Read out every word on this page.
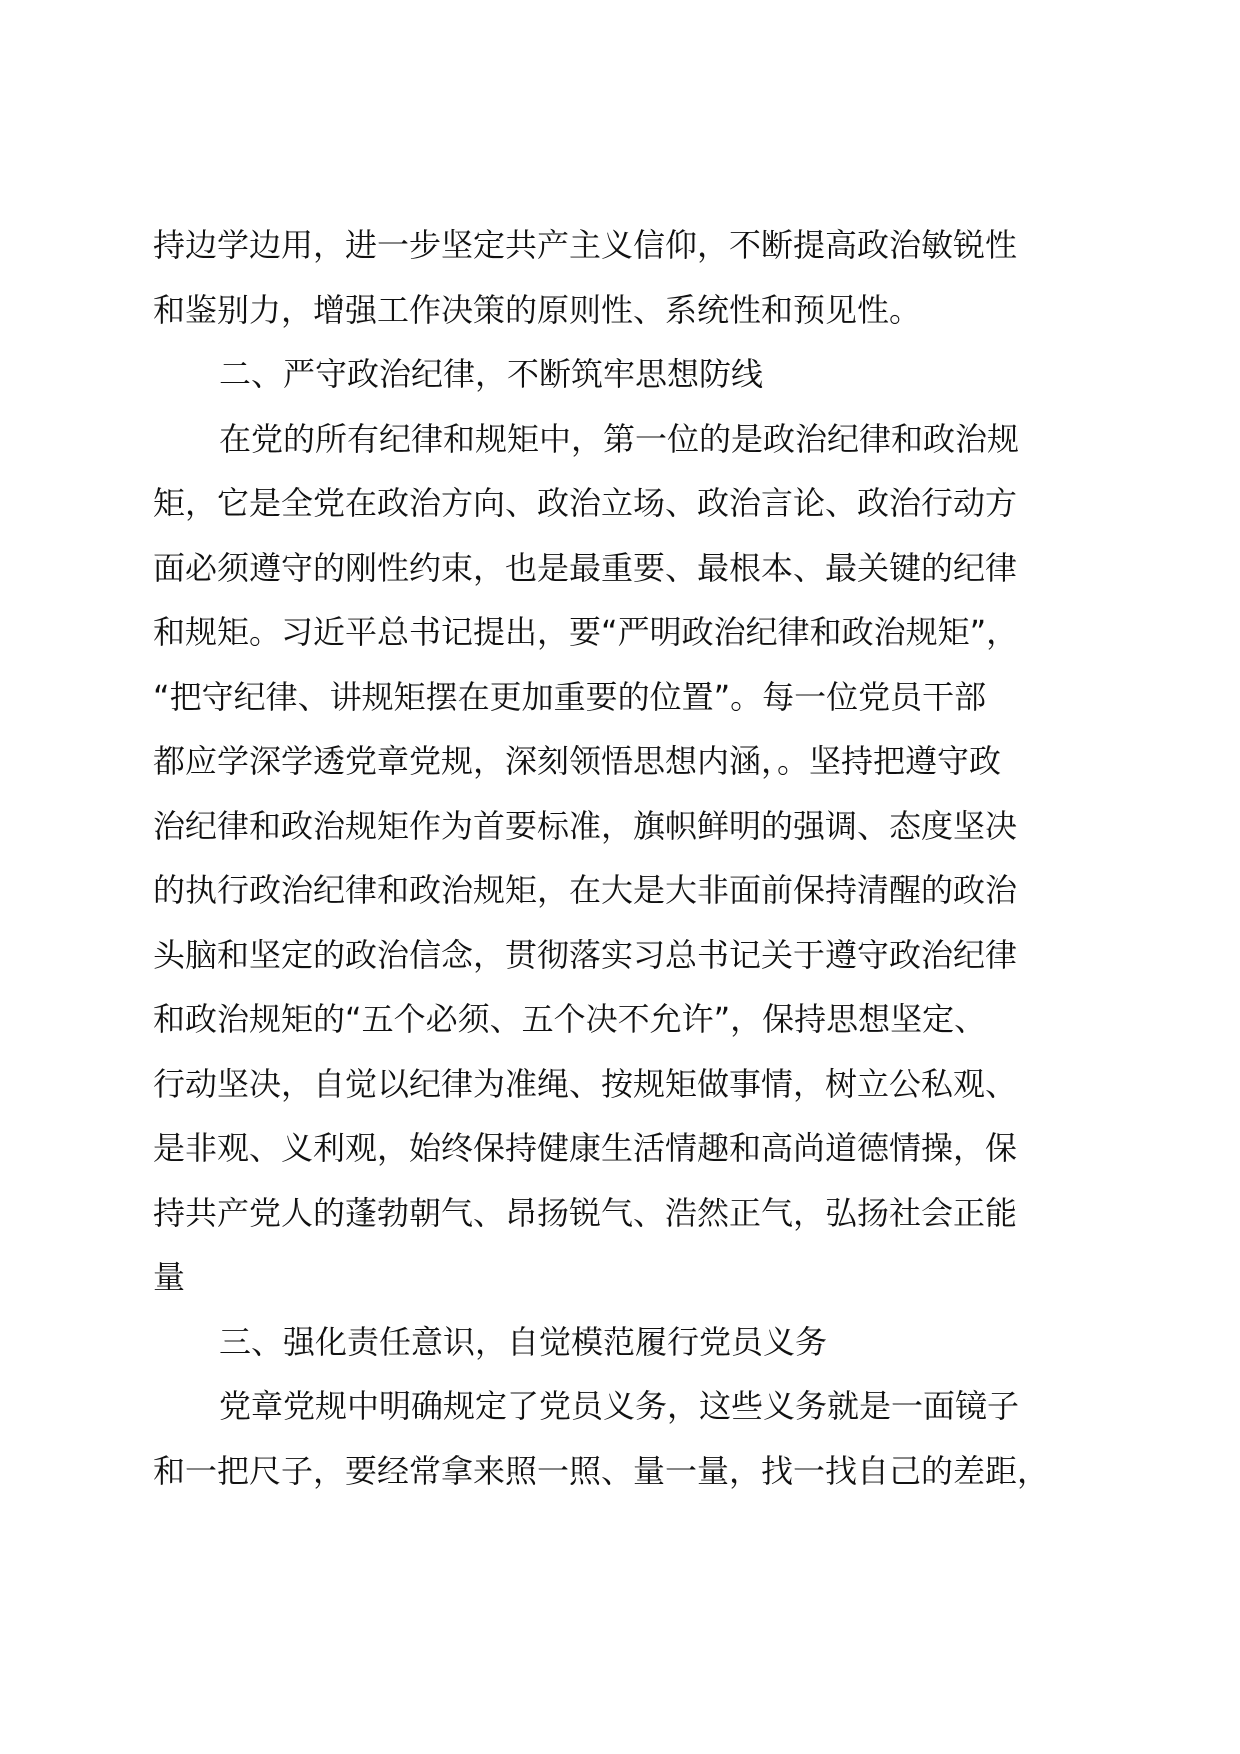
持边学边用，进一步坚定共产主义信仰，不断提高政治敏锐性
和鉴别力，增强工作决策的原则性、系统性和预见性。
二、严守政治纪律，不断筑牢思想防线
在党的所有纪律和规矩中，第一位的是政治纪律和政治规
矩，它是全党在政治方向、政治立场、政治言论、政治行动方
面必须遵守的刚性约束，也是最重要、最根本、最关键的纪律
和规矩。习近平总书记提出，要“严明政治纪律和政治规矩”，
“把守纪律、讲规矩摆在更加重要的位置”。每一位党员干部
都应学深学透党章党规，深刻领悟思想内涵，。坚持把遵守政
治纪律和政治规矩作为首要标准，旗帜鲜明的强调、态度坚决
的执行政治纪律和政治规矩，在大是大非面前保持清醒的政治
头脑和坚定的政治信念，贯彻落实习总书记关于遵守政治纪律
和政治规矩的“五个必须、五个决不允许”，保持思想坚定、
行动坚决，自觉以纪律为准绳、按规矩做事情，树立公私观、
是非观、义利观，始终保持健康生活情趣和高尚道德情操，保
持共产党人的蓬勃朝气、昂扬锐气、浩然正气，弘扬社会正能
量
三、强化责任意识，自觉模范履行党员义务
党章党规中明确规定了党员义务，这些义务就是一面镜子
和一把尺子，要经常拿来照一照、量一量，找一找自己的差距，
